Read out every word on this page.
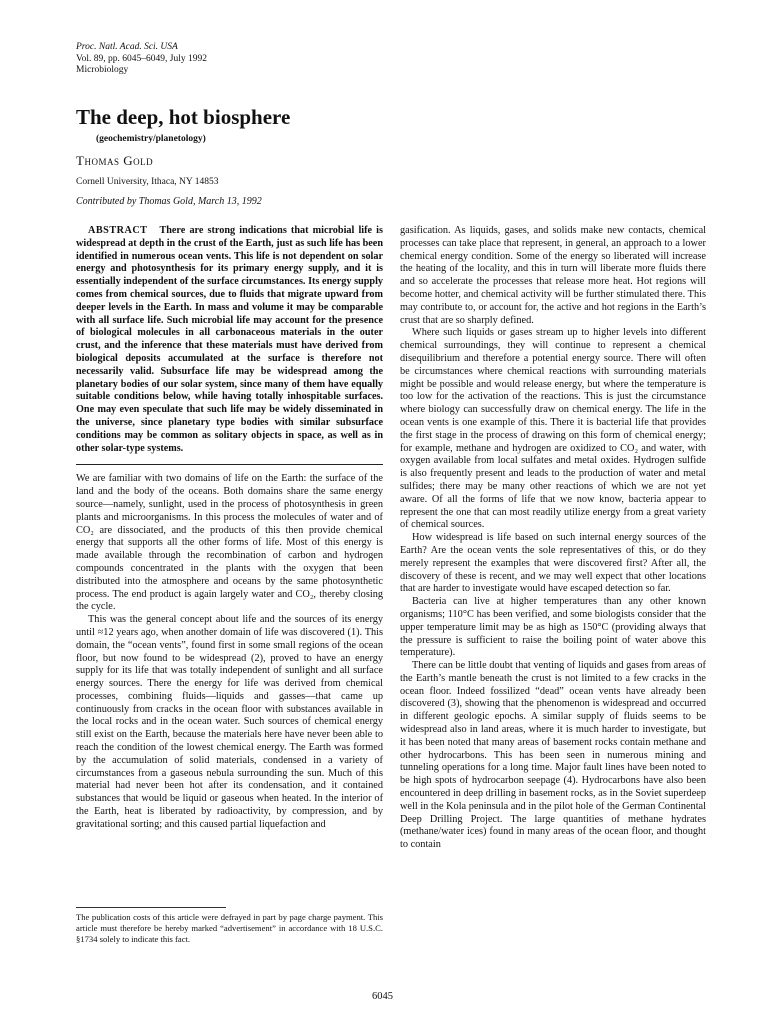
Proc. Natl. Acad. Sci. USA
Vol. 89, pp. 6045–6049, July 1992
Microbiology
The deep, hot biosphere
(geochemistry/planetology)
Thomas Gold
Cornell University, Ithaca, NY 14853
Contributed by Thomas Gold, March 13, 1992

ABSTRACT There are strong indications that microbial life is widespread at depth in the crust of the Earth, just as such life has been identified in numerous ocean vents. This life is not dependent on solar energy and photosynthesis for its primary energy supply, and it is essentially independent of the surface circumstances. Its energy supply comes from chemical sources, due to fluids that migrate upward from deeper levels in the Earth. In mass and volume it may be comparable with all surface life. Such microbial life may account for the presence of biological molecules in all carbonaceous materials in the outer crust, and the inference that these materials must have derived from biological deposits accumulated at the surface is therefore not necessarily valid. Subsurface life may be widespread among the planetary bodies of our solar system, since many of them have equally suitable conditions below, while having totally inhospitable surfaces. One may even speculate that such life may be widely disseminated in the universe, since planetary type bodies with similar subsurface conditions may be common as solitary objects in space, as well as in other solar-type systems.

We are familiar with two domains of life on the Earth: the surface of the land and the body of the oceans. Both domains share the same energy source—namely, sunlight, used in the process of photosynthesis in green plants and microorganisms. In this process the molecules of water and of CO₂ are dissociated, and the products of this then provide chemical energy that supports all the other forms of life. Most of this energy is made available through the recombination of carbon and hydrogen compounds concentrated in the plants with the oxygen that been distributed into the atmosphere and oceans by the same photosynthetic process. The end product is again largely water and CO₂, thereby closing the cycle.

This was the general concept about life and the sources of its energy until ≈12 years ago, when another domain of life was discovered (1). This domain, the “ocean vents”, found first in some small regions of the ocean floor, but now found to be widespread (2), proved to have an energy supply for its life that was totally independent of sunlight and all surface energy sources. There the energy for life was derived from chemical processes, combining fluids—liquids and gasses—that came up continuously from cracks in the ocean floor with substances available in the local rocks and in the ocean water. Such sources of chemical energy still exist on the Earth, because the materials here have never been able to reach the condition of the lowest chemical energy. The Earth was formed by the accumulation of solid materials, condensed in a variety of circumstances from a gaseous nebula surrounding the sun. Much of this material had never been hot after its condensation, and it contained substances that would be liquid or gaseous when heated. In the interior of the Earth, heat is liberated by radioactivity, by compression, and by gravitational sorting; and this caused partial liquefaction and

gasification. As liquids, gases, and solids make new contacts, chemical processes can take place that represent, in general, an approach to a lower chemical energy condition. Some of the energy so liberated will increase the heating of the locality, and this in turn will liberate more fluids there and so accelerate the processes that release more heat. Hot regions will become hotter, and chemical activity will be further stimulated there. This may contribute to, or account for, the active and hot regions in the Earth’s crust that are so sharply defined.

Where such liquids or gases stream up to higher levels into different chemical surroundings, they will continue to represent a chemical disequilibrium and therefore a potential energy source. There will often be circumstances where chemical reactions with surrounding materials might be possible and would release energy, but where the temperature is too low for the activation of the reactions. This is just the circumstance where biology can successfully draw on chemical energy. The life in the ocean vents is one example of this. There it is bacterial life that provides the first stage in the process of drawing on this form of chemical energy; for example, methane and hydrogen are oxidized to CO₂ and water, with oxygen available from local sulfates and metal oxides. Hydrogen sulfide is also frequently present and leads to the production of water and metal sulfides; there may be many other reactions of which we are not yet aware. Of all the forms of life that we now know, bacteria appear to represent the one that can most readily utilize energy from a great variety of chemical sources.

How widespread is life based on such internal energy sources of the Earth? Are the ocean vents the sole representatives of this, or do they merely represent the examples that were discovered first? After all, the discovery of these is recent, and we may well expect that other locations that are harder to investigate would have escaped detection so far.

Bacteria can live at higher temperatures than any other known organisms; 110°C has been verified, and some biologists consider that the upper temperature limit may be as high as 150°C (providing always that the pressure is sufficient to raise the boiling point of water above this temperature).

There can be little doubt that venting of liquids and gases from areas of the Earth’s mantle beneath the crust is not limited to a few cracks in the ocean floor. Indeed fossilized “dead” ocean vents have already been discovered (3), showing that the phenomenon is widespread and occurred in different geologic epochs. A similar supply of fluids seems to be widespread also in land areas, where it is much harder to investigate, but it has been noted that many areas of basement rocks contain methane and other hydrocarbons. This has been seen in numerous mining and tunneling operations for a long time. Major fault lines have been noted to be high spots of hydrocarbon seepage (4). Hydrocarbons have also been encountered in deep drilling in basement rocks, as in the Soviet superdeep well in the Kola peninsula and in the pilot hole of the German Continental Deep Drilling Project. The large quantities of methane hydrates (methane/water ices) found in many areas of the ocean floor, and thought to contain

The publication costs of this article were defrayed in part by page charge payment. This article must therefore be hereby marked “advertisement” in accordance with 18 U.S.C. §1734 solely to indicate this fact.
6045
